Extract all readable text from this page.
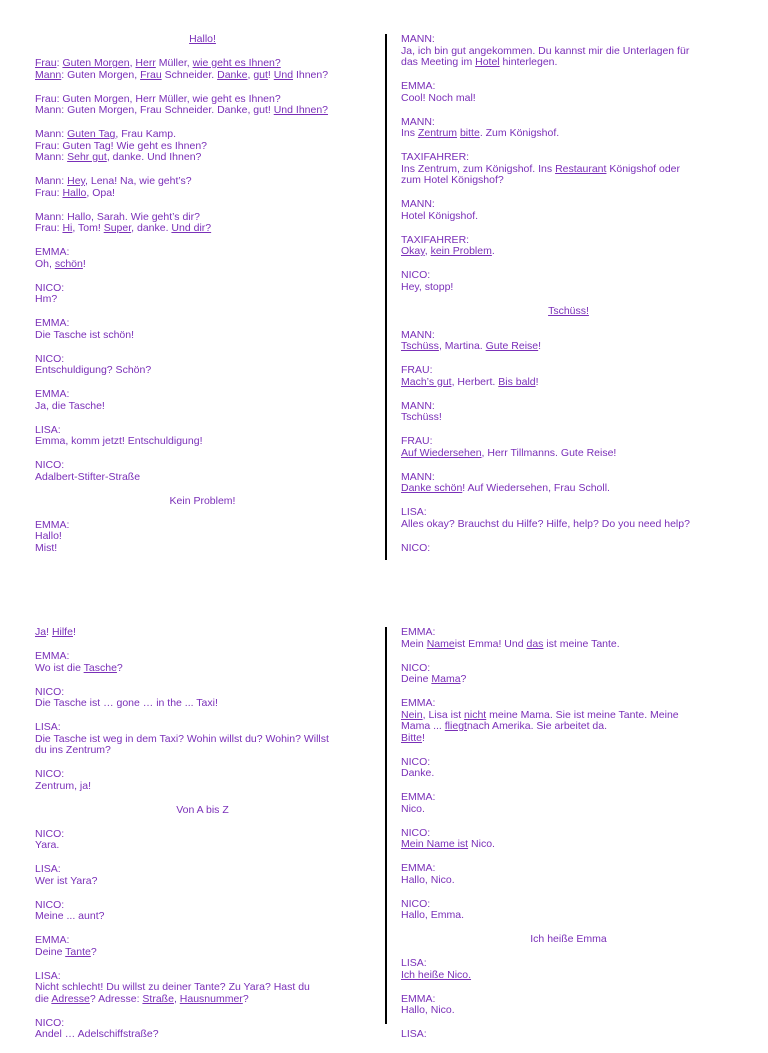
Hallo!
Frau: Guten Morgen, Herr Müller, wie geht es Ihnen?
Mann: Guten Morgen, Frau Schneider. Danke, gut! Und Ihnen?
Frau: Guten Morgen, Herr Müller, wie geht es Ihnen?
Mann: Guten Morgen, Frau Schneider. Danke, gut! Und Ihnen?
Mann: Guten Tag, Frau Kamp.
Frau: Guten Tag! Wie geht es Ihnen?
Mann: Sehr gut, danke. Und Ihnen?
Mann: Hey, Lena! Na, wie geht’s?
Frau: Hallo, Opa!
Mann: Hallo, Sarah. Wie geht’s dir?
Frau: Hi, Tom! Super, danke. Und dir?
EMMA:
Oh, schön!
NICO:
Hm?
EMMA:
Die Tasche ist schön!
NICO:
Entschuldigung? Schön?
EMMA:
Ja, die Tasche!
LISA:
Emma, komm jetzt! Entschuldigung!
NICO:
Adalbert-Stifter-Straße
Kein Problem!
EMMA:
Hallo!
Mist!
MANN:
Ja, ich bin gut angekommen. Du kannst mir die Unterlagen für
das Meeting im Hotel hinterlegen.
EMMA:
Cool! Noch mal!
MANN:
Ins Zentrum bitte. Zum Königshof.
TAXIFAHRER:
Ins Zentrum, zum Königshof. Ins Restaurant Königshof oder
zum Hotel Königshof?
MANN:
Hotel Königshof.
TAXIFAHRER:
Okay, kein Problem.
NICO:
Hey, stopp!
Tschüss!
MANN:
Tschüss, Martina. Gute Reise!
FRAU:
Mach’s gut, Herbert. Bis bald!
MANN:
Tschüss!
FRAU:
Auf Wiedersehen, Herr Tillmanns. Gute Reise!
MANN:
Danke schön! Auf Wiedersehen, Frau Scholl.
LISA:
Alles okay? Brauchst du Hilfe? Hilfe, help? Do you need help?
NICO:
Ja! Hilfe!
EMMA:
Wo ist die Tasche?
NICO:
Die Tasche ist … gone … in the ... Taxi!
LISA:
Die Tasche ist weg in dem Taxi? Wohin willst du? Wohin? Willst
du ins Zentrum?
NICO:
Zentrum, ja!
Von A bis Z
NICO:
Yara.
LISA:
Wer ist Yara?
NICO:
Meine ... aunt?
EMMA:
Deine Tante?
LISA:
Nicht schlecht! Du willst zu deiner Tante? Zu Yara? Hast du
die Adresse? Adresse: Straße, Hausnummer?
NICO:
Andel … Adelschiffstraße?
EMMA:
Mein Nameist Emma! Und das ist meine Tante.
NICO:
Deine Mama?
EMMA:
Nein, Lisa ist nicht meine Mama. Sie ist meine Tante. Meine
Mama ... fliegtnach Amerika. Sie arbeitet da.
Bitte!
NICO:
Danke.
EMMA:
Nico.
NICO:
Mein Name ist Nico.
EMMA:
Hallo, Nico.
NICO:
Hallo, Emma.
Ich heiße Emma
LISA:
Ich heiße Nico.
EMMA:
Hallo, Nico.
LISA:
